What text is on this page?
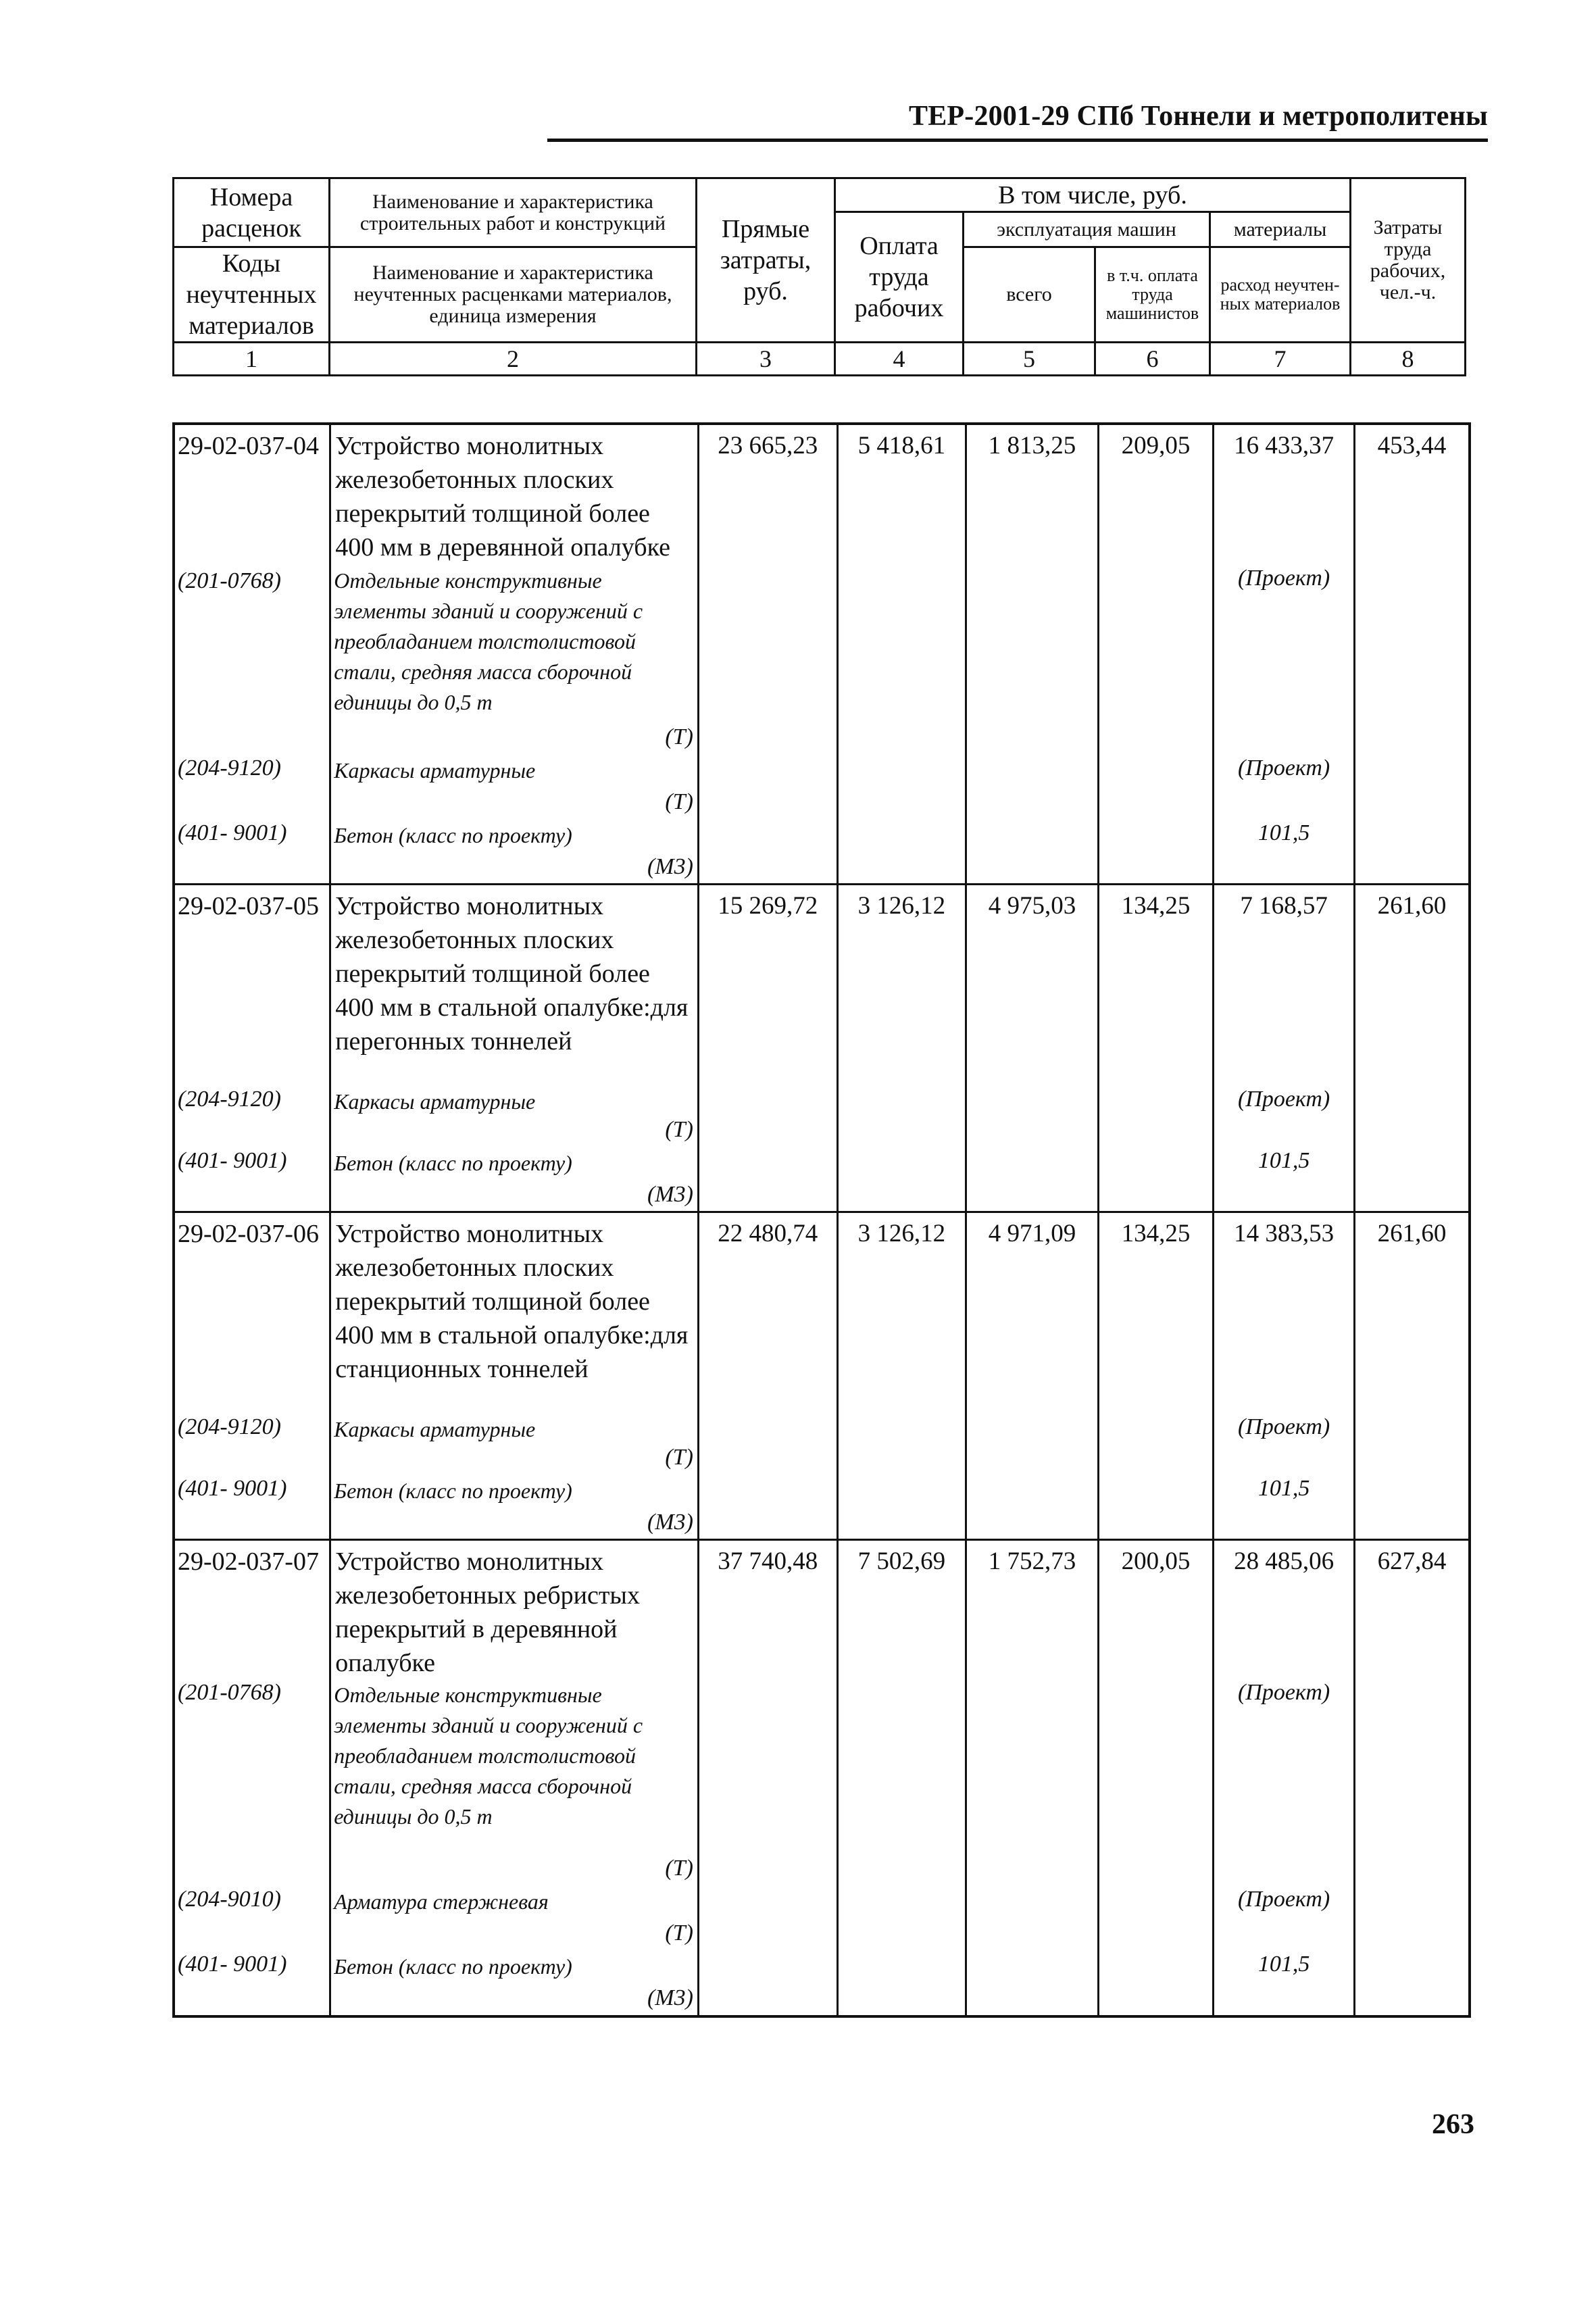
ТЕР-2001-29 СПб Тоннели и метрополитены
Номера расценок	Наименование и характеристика строительных работ и конструкций	Прямые затраты, руб.	В том числе, руб.				Затраты труда рабочих, чел.-ч.
			Оплата труда рабочих	эксплуатация машин		материалы	
Коды неучтенных материалов	Наименование и характеристика неучтенных расценками материалов, единица измерения			всего	в т.ч. оплата труда машинистов	расход неучтен-ных материалов	

1	2	3	4	5	6	7	8
29-02-037-04	Устройство монолитных железобетонных плоских перекрытий толщиной более 400 мм в деревянной опалубке	23 665,23	5 418,61	1 813,25	209,05	16 433,37	453,44
(201-0768)	Отдельные конструктивные элементы зданий и сооружений с преобладанием толстолистовой стали, средняя масса сборочной единицы до 0,5 т					(Проект)	
	(Т)						
(204-9120)	Каркасы арматурные					(Проект)	
	(Т)						
(401- 9001)	Бетон (класс по проекту)					101,5	
	(М3)						
29-02-037-05	Устройство монолитных железобетонных плоских перекрытий толщиной более 400 мм в стальной опалубке:для перегонных тоннелей	15 269,72	3 126,12	4 975,03	134,25	7 168,57	261,60
(204-9120)	Каркасы арматурные					(Проект)	
	(Т)						
(401- 9001)	Бетон (класс по проекту)					101,5	
	(М3)						
29-02-037-06	Устройство монолитных железобетонных плоских перекрытий толщиной более 400 мм в стальной опалубке:для станционных тоннелей	22 480,74	3 126,12	4 971,09	134,25	14 383,53	261,60
(204-9120)	Каркасы арматурные					(Проект)	
	(Т)						
(401- 9001)	Бетон (класс по проекту)					101,5	
	(М3)						
29-02-037-07	Устройство монолитных железобетонных ребристых перекрытий в деревянной опалубке	37 740,48	7 502,69	1 752,73	200,05	28 485,06	627,84
(201-0768)	Отдельные конструктивные элементы зданий и сооружений с преобладанием толстолистовой стали, средняя масса сборочной единицы до 0,5 т					(Проект)	
	(Т)						
(204-9010)	Арматура стержневая					(Проект)	
	(Т)						
(401- 9001)	Бетон (класс по проекту)					101,5	
	(М3)						
263
